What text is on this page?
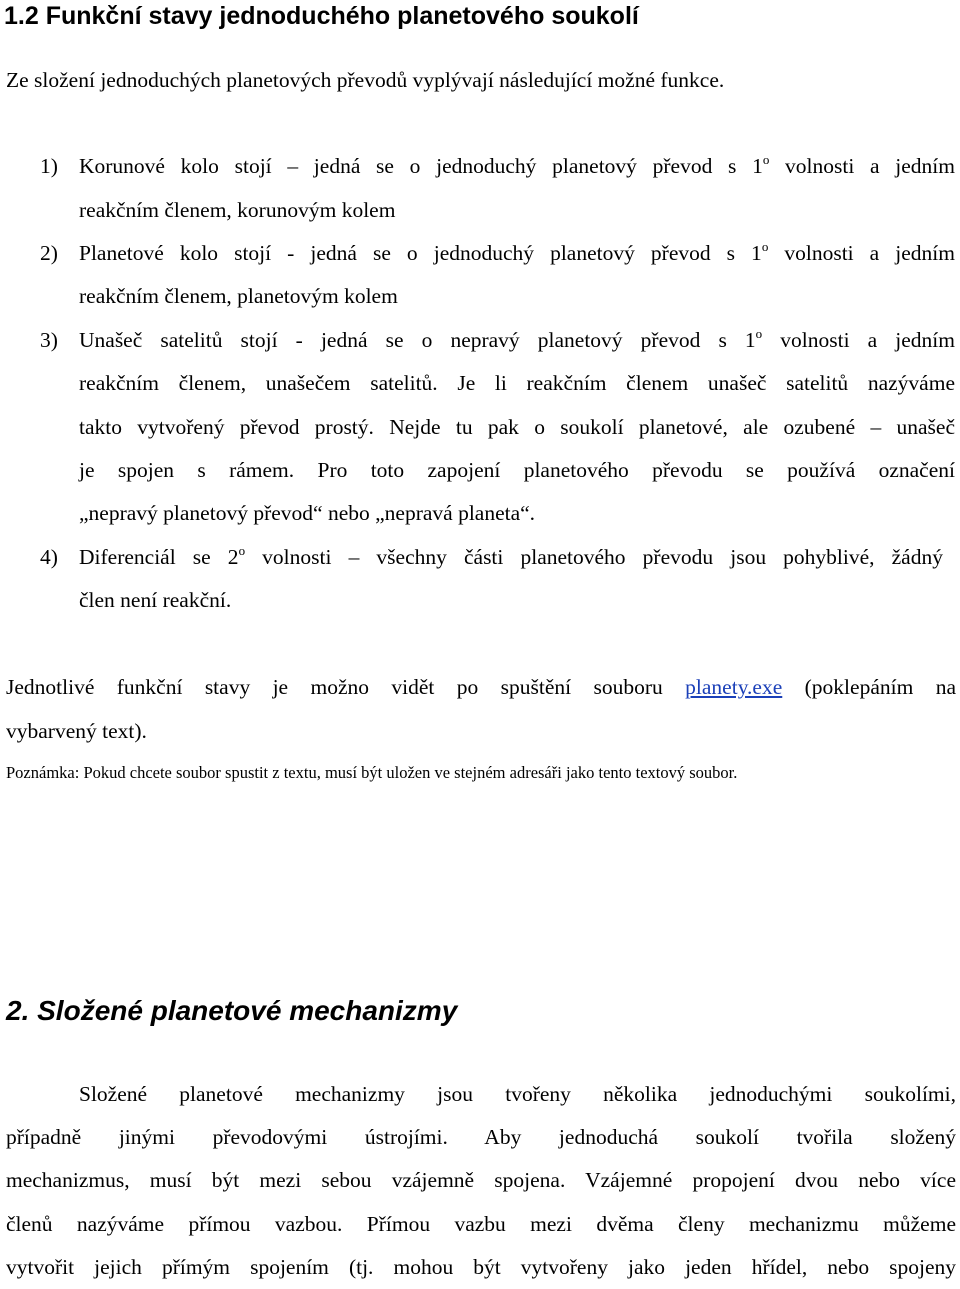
1.2 Funkční stavy jednoduchého planetového soukolí
Ze složení jednoduchých planetových převodů vyplývají následující možné funkce.
1) Korunové kolo stojí – jedná se o jednoduchý planetový převod s 1$^o$ volnosti a jedním
reakčním členem, korunovým kolem
2) Planetové kolo stojí - jedná se o jednoduchý planetový převod s 1$^o$ volnosti a jedním
reakčním členem, planetovým kolem
3) Unašeč satelitů stojí - jedná se o nepravý planetový převod s 1$^o$ volnosti a jedním
reakčním členem, unašečem satelitů. Je li reakčním členem unašeč satelitů nazýváme
takto vytvořený převod prostý. Nejde tu pak o soukolí planetové, ale ozubené – unašeč
je spojen s rámem. Pro toto zapojení planetového převodu se používá označení
„nepravý planetový převod“ nebo „nepravá planeta“.
4) Diferenciál se 2$^o$ volnosti – všechny části planetového převodu jsou pohyblivé, žádný
člen není reakční.
Jednotlivé funkční stavy je možno vidět po spuštění souboru planety.exe (poklepáním na
vybarvený text).
Poznámka: Pokud chcete soubor spustit z textu, musí být uložen ve stejném adresáři jako tento textový soubor.
2. Složené planetové mechanizmy
Složené planetové mechanizmy jsou tvořeny několika jednoduchými soukolími,
případně jinými převodovými ústrojími. Aby jednoduchá soukolí tvořila složený
mechanizmus, musí být mezi sebou vzájemně spojena. Vzájemné propojení dvou nebo více
členů nazýváme přímou vazbou. Přímou vazbu mezi dvěma členy mechanizmu můžeme
vytvořit jejich přímým spojením (tj. mohou být vytvořeny jako jeden hřídel, nebo spojeny
